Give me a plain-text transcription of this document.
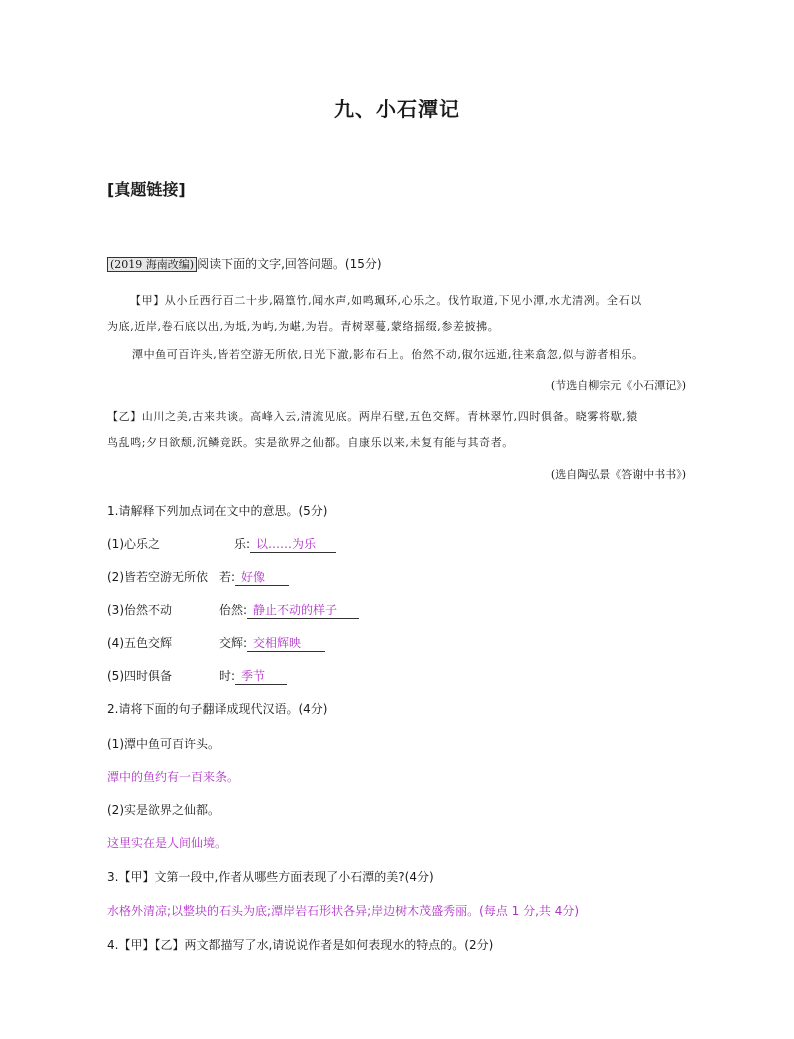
九、小石潭记
[真题链接]
(2019 海南改编) 阅读下面的文字,回答问题。(15分)
【甲】从小丘西行百二十步,隔篁竹,闻水声,如鸣珮环,心乐之。伐竹取道,下见小潭,水尤清冽。全石以
为底,近岸,卷石底以出,为坻,为屿,为嵁,为岩。青树翠蔓,蒙络摇缀,参差披拂。
潭中鱼可百许头,皆若空游无所依,日光下澈,影布石上。佁然不动,俶尔远逝,往来翕忽,似与游者相乐。
(节选自柳宗元《小石潭记》)
【乙】山川之美,古来共谈。高峰入云,清流见底。两岸石壁,五色交辉。青林翠竹,四时俱备。晓雾将歇,猿
鸟乱鸣;夕日欲颓,沉鳞竞跃。实是欲界之仙都。自康乐以来,未复有能与其奇者。
(选自陶弘景《答谢中书书》)
1.请解释下列加点词在文中的意思。(5分)
(1)心乐之	乐: 以……为乐
(2)皆若空游无所依 若: 好像
(3)佁然不动	佁然: 静止不动的样子
(4)五色交辉	交辉: 交相辉映
(5)四时俱备	时: 季节
2.请将下面的句子翻译成现代汉语。(4分)
(1)潭中鱼可百许头。
潭中的鱼约有一百来条。
(2)实是欲界之仙都。
这里实在是人间仙境。
3.【甲】文第一段中,作者从哪些方面表现了小石潭的美?(4分)
水格外清凉;以整块的石头为底;潭岸岩石形状各异;岸边树木茂盛秀丽。(每点 1 分,共 4分)
4.【甲】【乙】两文都描写了水,请说说作者是如何表现水的特点的。(2分)
